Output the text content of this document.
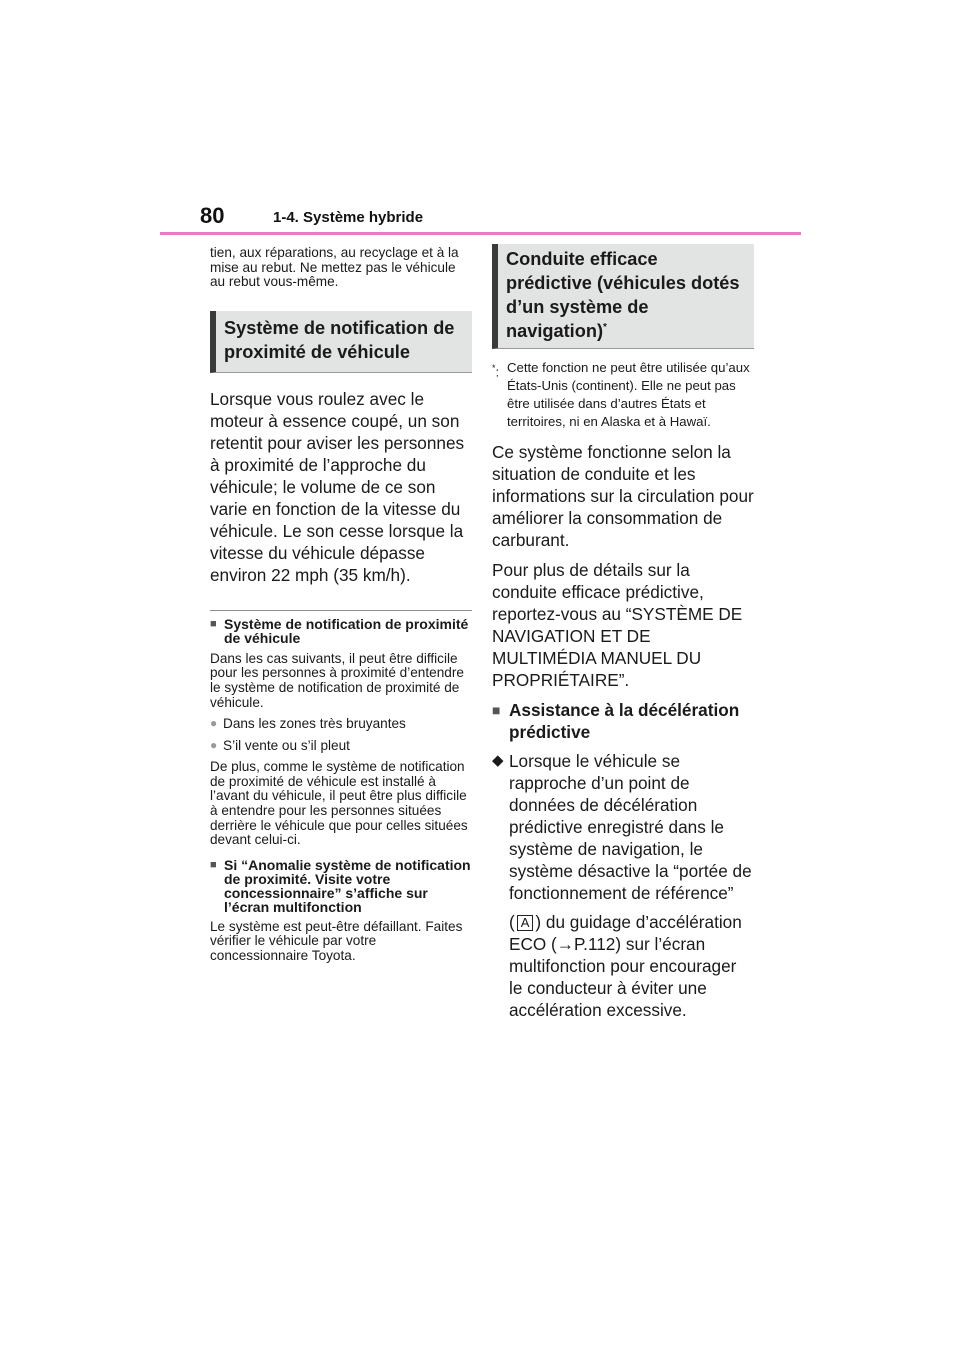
80	1-4. Système hybride

tien, aux réparations, au recyclage et à la mise au rebut. Ne mettez pas le véhicule au rebut vous-même.

Système de notification de proximité de véhicule

Lorsque vous roulez avec le moteur à essence coupé, un son retentit pour aviser les personnes à proximité de l’approche du véhicule; le volume de ce son varie en fonction de la vitesse du véhicule. Le son cesse lorsque la vitesse du véhicule dépasse environ 22 mph (35 km/h).

■ Système de notification de proximité de véhicule

Dans les cas suivants, il peut être difficile pour les personnes à proximité d’entendre le système de notification de proximité de véhicule.

● Dans les zones très bruyantes
● S’il vente ou s’il pleut

De plus, comme le système de notification de proximité de véhicule est installé à l’avant du véhicule, il peut être plus difficile à entendre pour les personnes situées derrière le véhicule que pour celles situées devant celui-ci.

■ Si “Anomalie système de notification de proximité. Visite votre concessionnaire” s’affiche sur l’écran multifonction

Le système est peut-être défaillant. Faites vérifier le véhicule par votre concessionnaire Toyota.

Conduite efficace prédictive (véhicules dotés d’un système de navigation)*
*: Cette fonction ne peut être utilisée qu’aux États-Unis (continent). Elle ne peut pas être utilisée dans d’autres États et territoires, ni en Alaska et à Hawaï.

Ce système fonctionne selon la situation de conduite et les informations sur la circulation pour améliorer la consommation de carburant.

Pour plus de détails sur la conduite efficace prédictive, reportez-vous au “SYSTÈME DE NAVIGATION ET DE MULTIMÉDIA MANUEL DU PROPRIÉTAIRE”.

■ Assistance à la décélération prédictive
◆ Lorsque le véhicule se rapproche d’un point de données de décélération prédictive enregistré dans le système de navigation, le système désactive la “portée de fonctionnement de référence”
( A ) du guidage d’accélération ECO (→P.112) sur l’écran multifonction pour encourager le conducteur à éviter une accélération excessive.
